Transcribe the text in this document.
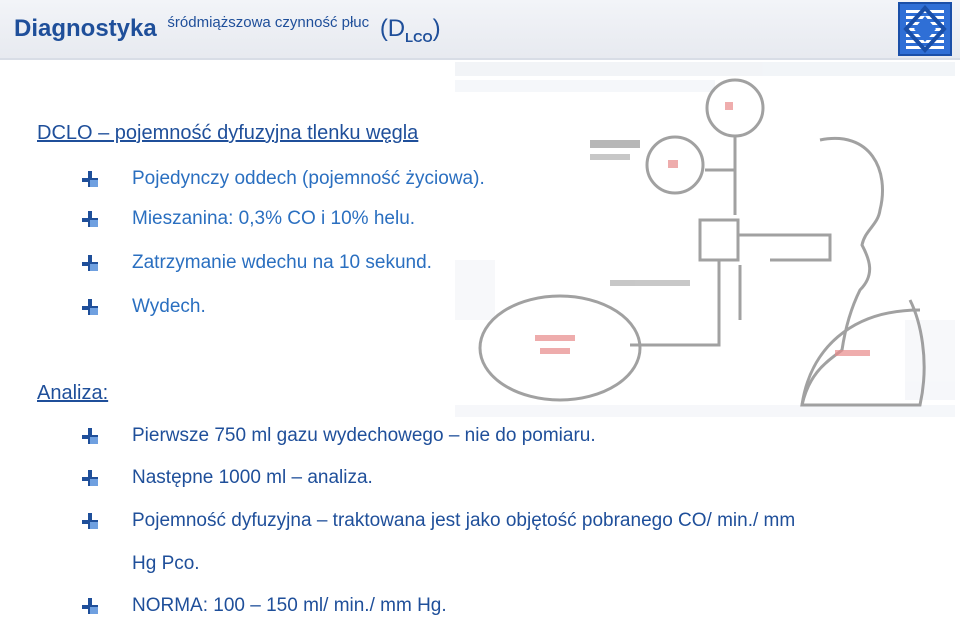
Diagnostyka $^{śródmiąższowa czynność płuc}$ $(D_{LCO})$
DCLO – pojemność dyfuzyjna tlenku węgla
Pojedynczy oddech (pojemność życiowa).
Mieszanina: 0,3% CO i 10% helu.
Zatrzymanie wdechu na 10 sekund.
Wydech.
Analiza:
Pierwsze 750 ml gazu wydechowego – nie do pomiaru.
Następne 1000 ml – analiza.
Pojemność dyfuzyjna – traktowana jest jako objętość pobranego CO/ min./ mm
Hg Pco.
NORMA: 100 – 150 ml/ min./ mm Hg.
